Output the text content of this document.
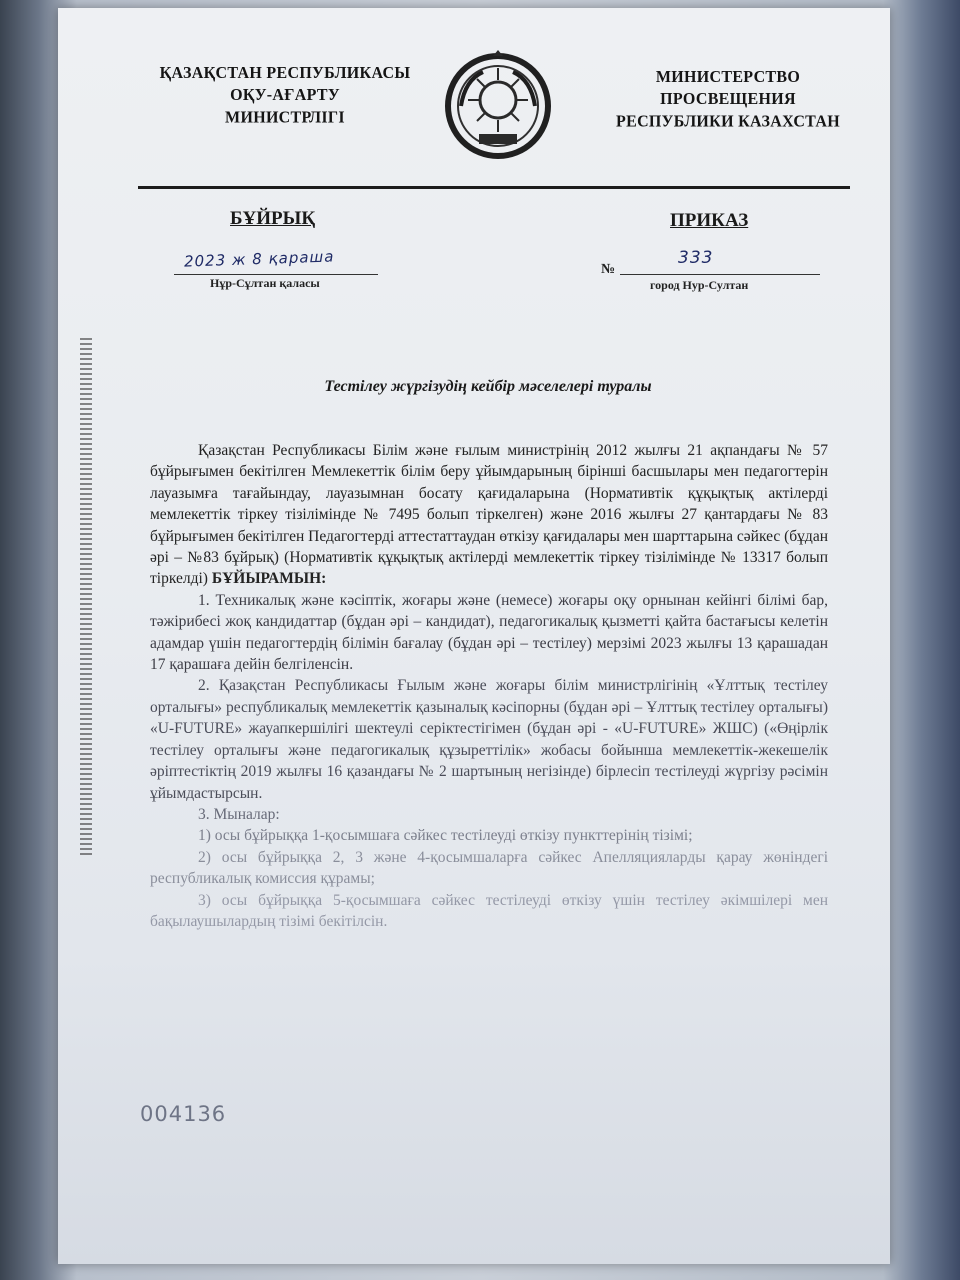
ҚАЗАҚСТАН РЕСПУБЛИКАСЫ
ОҚУ-АҒАРТУ
МИНИСТРЛІГІ
МИНИСТЕРСТВО
ПРОСВЕЩЕНИЯ
РЕСПУБЛИКИ КАЗАХСТАН
БҰЙРЫҚ	ПРИКАЗ
2023 ж 8 қараша
Нұр-Сұлтан қаласы
№
333
город Нур-Султан
Тестілеу жүргізудің кейбір мәселелері туралы
Қазақстан Республикасы Білім және ғылым министрінің 2012 жылғы 21 ақпандағы № 57 бұйрығымен бекітілген Мемлекеттік білім беру ұйымдарының бірінші басшылары мен педагогтерін лауазымға тағайындау, лауазымнан босату қағидаларына (Нормативтік құқықтық актілерді мемлекеттік тіркеу тізілімінде № 7495 болып тіркелген) және 2016 жылғы 27 қантардағы № 83 бұйрығымен бекітілген Педагогтерді аттестаттаудан өткізу қағидалары мен шарттарына сәйкес (бұдан әрі – №83 бұйрық) (Нормативтік құқықтық актілерді мемлекеттік тіркеу тізілімінде № 13317 болып тіркелді) БҰЙЫРАМЫН:
1. Техникалық және кәсіптік, жоғары және (немесе) жоғары оқу орнынан кейінгі білімі бар, тәжірибесі жоқ кандидаттар (бұдан әрі – кандидат), педагогикалық қызметті қайта бастағысы келетін адамдар үшін педагогтердің білімін бағалау (бұдан әрі – тестілеу) мерзімі 2023 жылғы 13 қарашадан 17 қарашаға дейін белгіленсін.
2. Қазақстан Республикасы Ғылым және жоғары білім министрлігінің «Ұлттық тестілеу орталығы» республикалық мемлекеттік қазыналық кәсіпорны (бұдан әрі – Ұлттық тестілеу орталығы) «U-FUTURE» жауапкершілігі шектеулі серіктестігімен (бұдан әрі - «U-FUTURE» ЖШС) («Өңірлік тестілеу орталығы және педагогикалық құзыреттілік» жобасы бойынша мемлекеттік-жекешелік әріптестіктің 2019 жылғы 16 қазандағы № 2 шартының негізінде) бірлесіп тестілеуді жүргізу рәсімін ұйымдастырсын.
3. Мыналар:
1) осы бұйрыққа 1-қосымшаға сәйкес тестілеуді өткізу пункттерінің тізімі;
2) осы бұйрыққа 2, 3 және 4-қосымшаларға сәйкес Апелляцияларды қарау жөніндегі республикалық комиссия құрамы;
3) осы бұйрыққа 5-қосымшаға сәйкес тестілеуді өткізу үшін тестілеу әкімшілері мен бақылаушылардың тізімі бекітілсін.
004136
